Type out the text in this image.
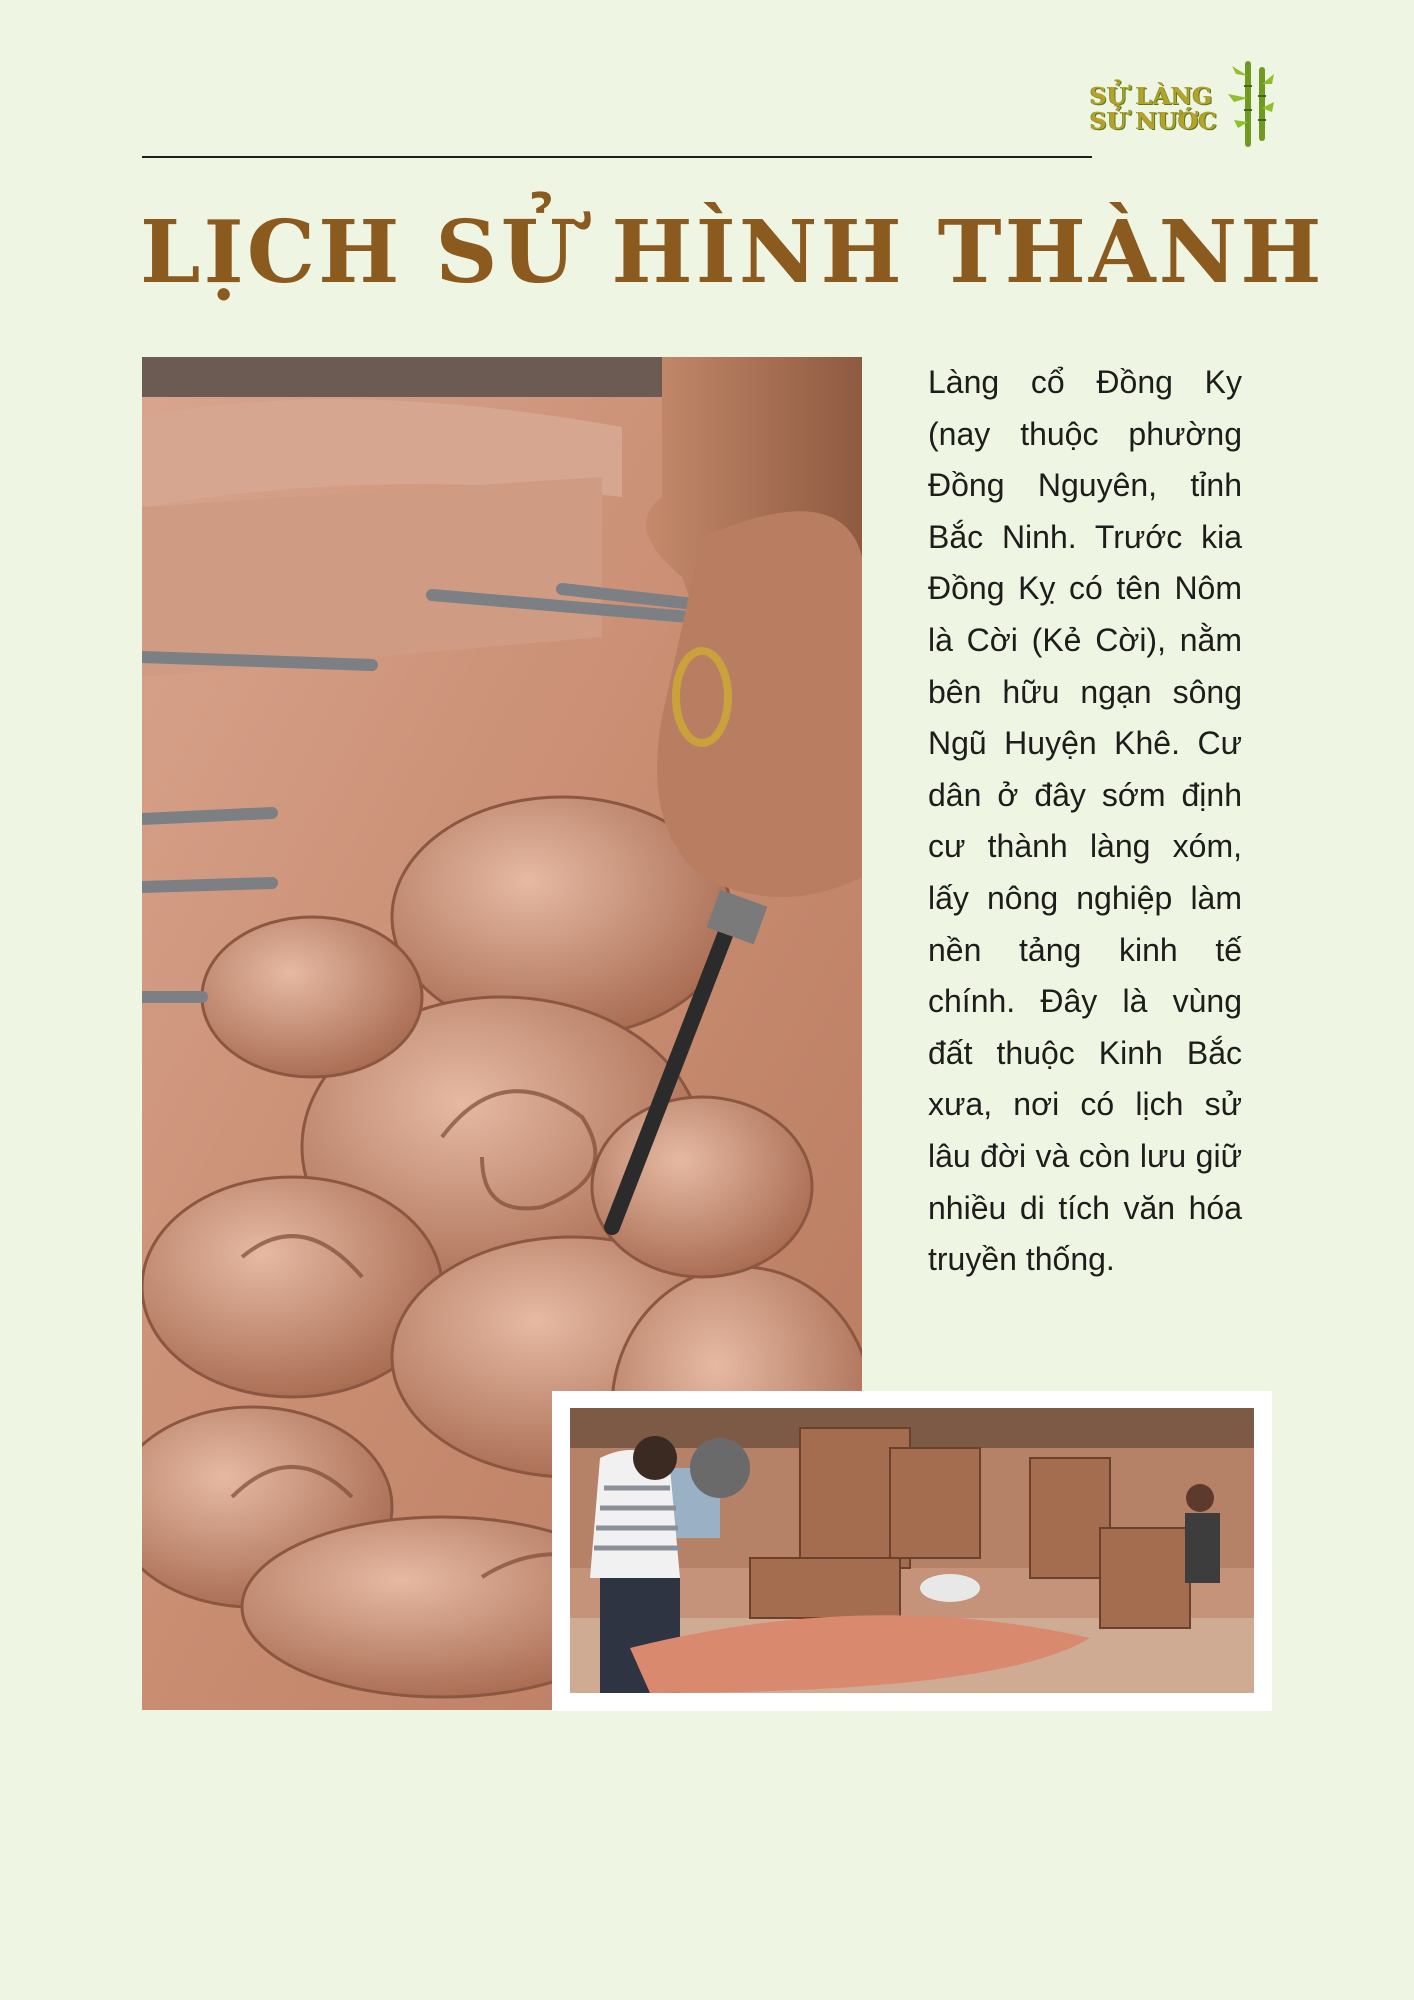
SỬ LÀNG
SỬ NƯỚC
LỊCH SỬ HÌNH THÀNH

Làng cổ Đồng Ky (nay thuộc phường Đồng Nguyên, tỉnh Bắc Ninh. Trước kia Đồng Kỵ có tên Nôm là Cời (Kẻ Cời), nằm bên hữu ngạn sông Ngũ Huyện Khê. Cư dân ở đây sớm định cư thành làng xóm, lấy nông nghiệp làm nền tảng kinh tế chính. Đây là vùng đất thuộc Kinh Bắc xưa, nơi có lịch sử lâu đời và còn lưu giữ nhiều di tích văn hóa truyền thống.
